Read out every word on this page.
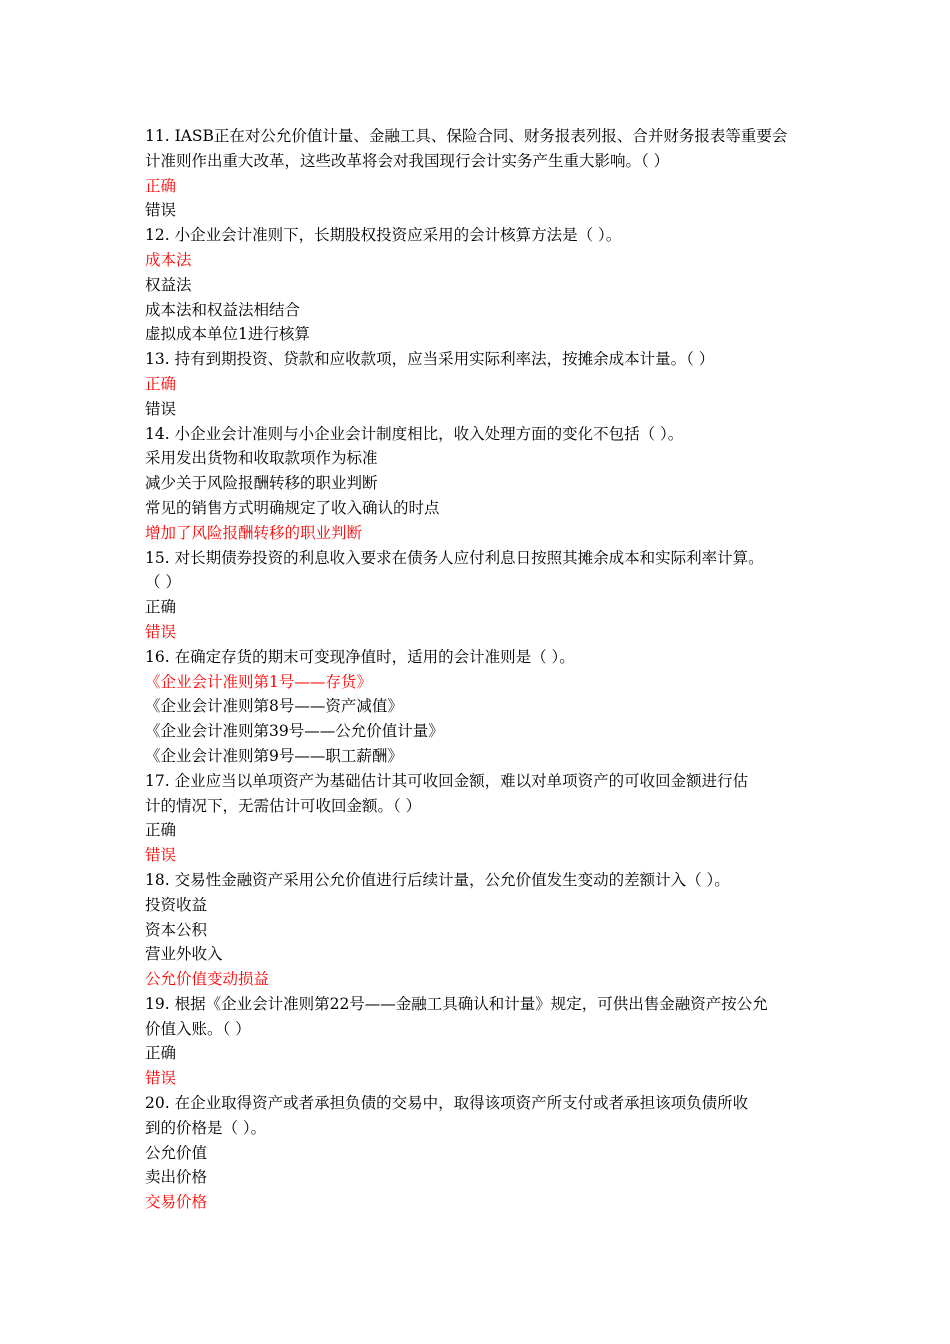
11. IASB正在对公允价值计量、金融工具、保险合同、财务报表列报、合并财务报表等重要会
计准则作出重大改革，这些改革将会对我国现行会计实务产生重大影响。（ ）
正确
错误
12. 小企业会计准则下，长期股权投资应采用的会计核算方法是（ ）。
成本法
权益法
成本法和权益法相结合
虚拟成本单位1进行核算
13. 持有到期投资、贷款和应收款项，应当采用实际利率法，按摊余成本计量。（ ）
正确
错误
14. 小企业会计准则与小企业会计制度相比，收入处理方面的变化不包括（ ）。
采用发出货物和收取款项作为标准
减少关于风险报酬转移的职业判断
常见的销售方式明确规定了收入确认的时点
增加了风险报酬转移的职业判断
15. 对长期债券投资的利息收入要求在债务人应付利息日按照其摊余成本和实际利率计算。
（ ）
正确
错误
16. 在确定存货的期末可变现净值时，适用的会计准则是（ ）。
《企业会计准则第1号——存货》
《企业会计准则第8号——资产减值》
《企业会计准则第39号——公允价值计量》
《企业会计准则第9号——职工薪酬》
17. 企业应当以单项资产为基础估计其可收回金额，难以对单项资产的可收回金额进行估
计的情况下，无需估计可收回金额。（ ）
正确
错误
18. 交易性金融资产采用公允价值进行后续计量，公允价值发生变动的差额计入（ ）。
投资收益
资本公积
营业外收入
公允价值变动损益
19. 根据《企业会计准则第22号——金融工具确认和计量》规定，可供出售金融资产按公允
价值入账。（ ）
正确
错误
20. 在企业取得资产或者承担负债的交易中，取得该项资产所支付或者承担该项负债所收
到的价格是（ ）。
公允价值
卖出价格
交易价格
